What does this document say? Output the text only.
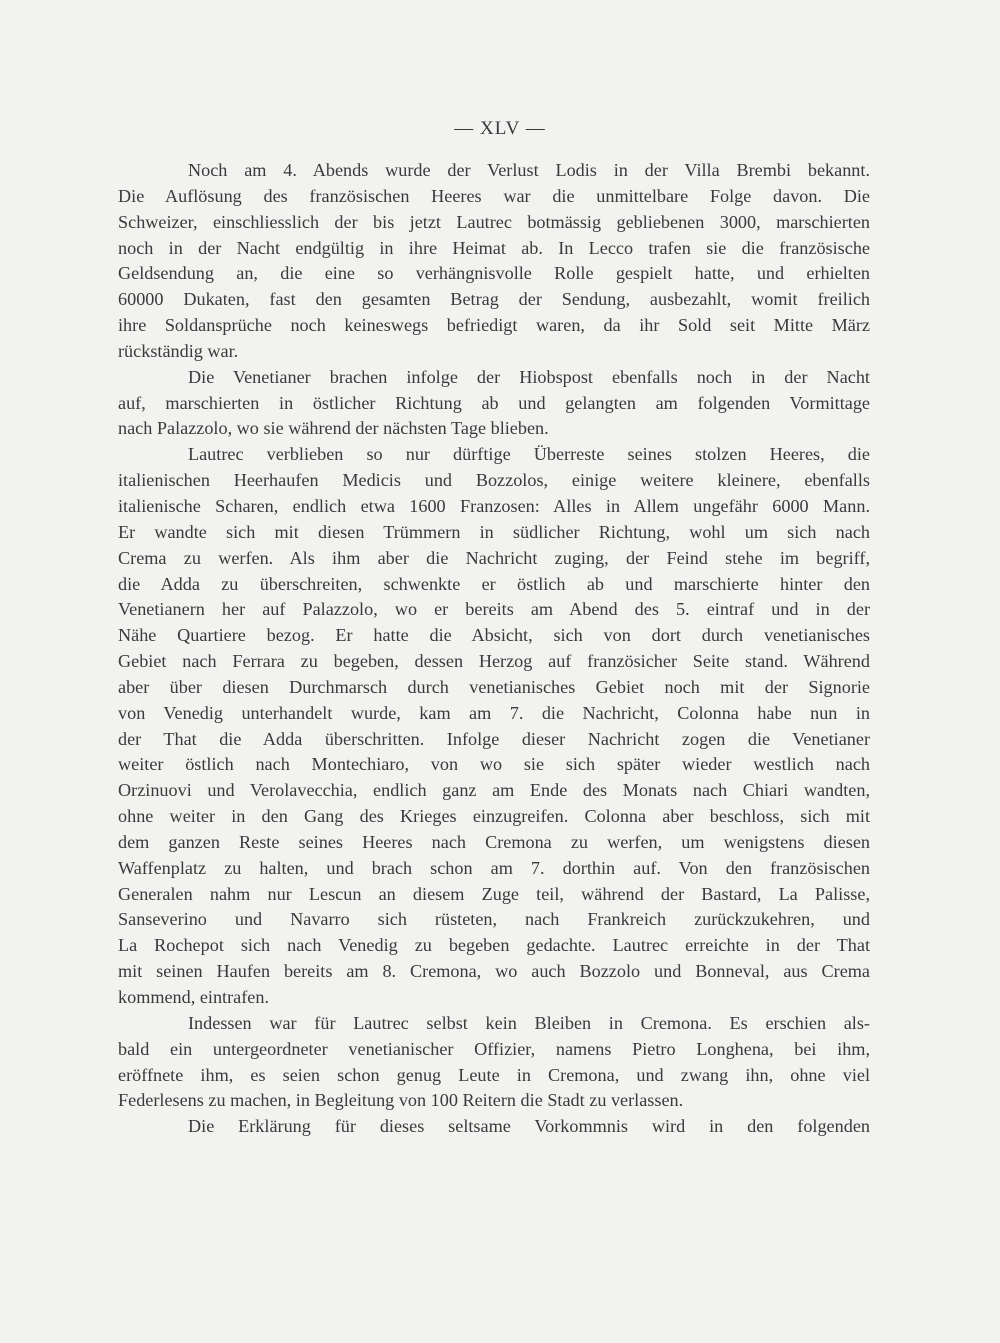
— XLV —
Noch am 4. Abends wurde der Verlust Lodis in der Villa Brembi bekannt.
Die Auflösung des französischen Heeres war die unmittelbare Folge davon. Die
Schweizer, einschliesslich der bis jetzt Lautrec botmässig gebliebenen 3000, marschierten
noch in der Nacht endgültig in ihre Heimat ab. In Lecco trafen sie die französische
Geldsendung an, die eine so verhängnisvolle Rolle gespielt hatte, und erhielten
60000 Dukaten, fast den gesamten Betrag der Sendung, ausbezahlt, womit freilich
ihre Soldansprüche noch keineswegs befriedigt waren, da ihr Sold seit Mitte März
rückständig war.
Die Venetianer brachen infolge der Hiobspost ebenfalls noch in der Nacht
auf, marschierten in östlicher Richtung ab und gelangten am folgenden Vormittage
nach Palazzolo, wo sie während der nächsten Tage blieben.
Lautrec verblieben so nur dürftige Überreste seines stolzen Heeres, die
italienischen Heerhaufen Medicis und Bozzolos, einige weitere kleinere, ebenfalls
italienische Scharen, endlich etwa 1600 Franzosen: Alles in Allem ungefähr 6000 Mann.
Er wandte sich mit diesen Trümmern in südlicher Richtung, wohl um sich nach
Crema zu werfen. Als ihm aber die Nachricht zuging, der Feind stehe im begriff,
die Adda zu überschreiten, schwenkte er östlich ab und marschierte hinter den
Venetianern her auf Palazzolo, wo er bereits am Abend des 5. eintraf und in der
Nähe Quartiere bezog. Er hatte die Absicht, sich von dort durch venetianisches
Gebiet nach Ferrara zu begeben, dessen Herzog auf französicher Seite stand. Während
aber über diesen Durchmarsch durch venetianisches Gebiet noch mit der Signorie
von Venedig unterhandelt wurde, kam am 7. die Nachricht, Colonna habe nun in
der That die Adda überschritten. Infolge dieser Nachricht zogen die Venetianer
weiter östlich nach Montechiaro, von wo sie sich später wieder westlich nach
Orzinuovi und Verolavecchia, endlich ganz am Ende des Monats nach Chiari wandten,
ohne weiter in den Gang des Krieges einzugreifen. Colonna aber beschloss, sich mit
dem ganzen Reste seines Heeres nach Cremona zu werfen, um wenigstens diesen
Waffenplatz zu halten, und brach schon am 7. dorthin auf. Von den französischen
Generalen nahm nur Lescun an diesem Zuge teil, während der Bastard, La Palisse,
Sanseverino und Navarro sich rüsteten, nach Frankreich zurückzukehren, und
La Rochepot sich nach Venedig zu begeben gedachte. Lautrec erreichte in der That
mit seinen Haufen bereits am 8. Cremona, wo auch Bozzolo und Bonneval, aus Crema
kommend, eintrafen.
Indessen war für Lautrec selbst kein Bleiben in Cremona. Es erschien als-
bald ein untergeordneter venetianischer Offizier, namens Pietro Longhena, bei ihm,
eröffnete ihm, es seien schon genug Leute in Cremona, und zwang ihn, ohne viel
Federlesens zu machen, in Begleitung von 100 Reitern die Stadt zu verlassen.
Die Erklärung für dieses seltsame Vorkommnis wird in den folgenden
